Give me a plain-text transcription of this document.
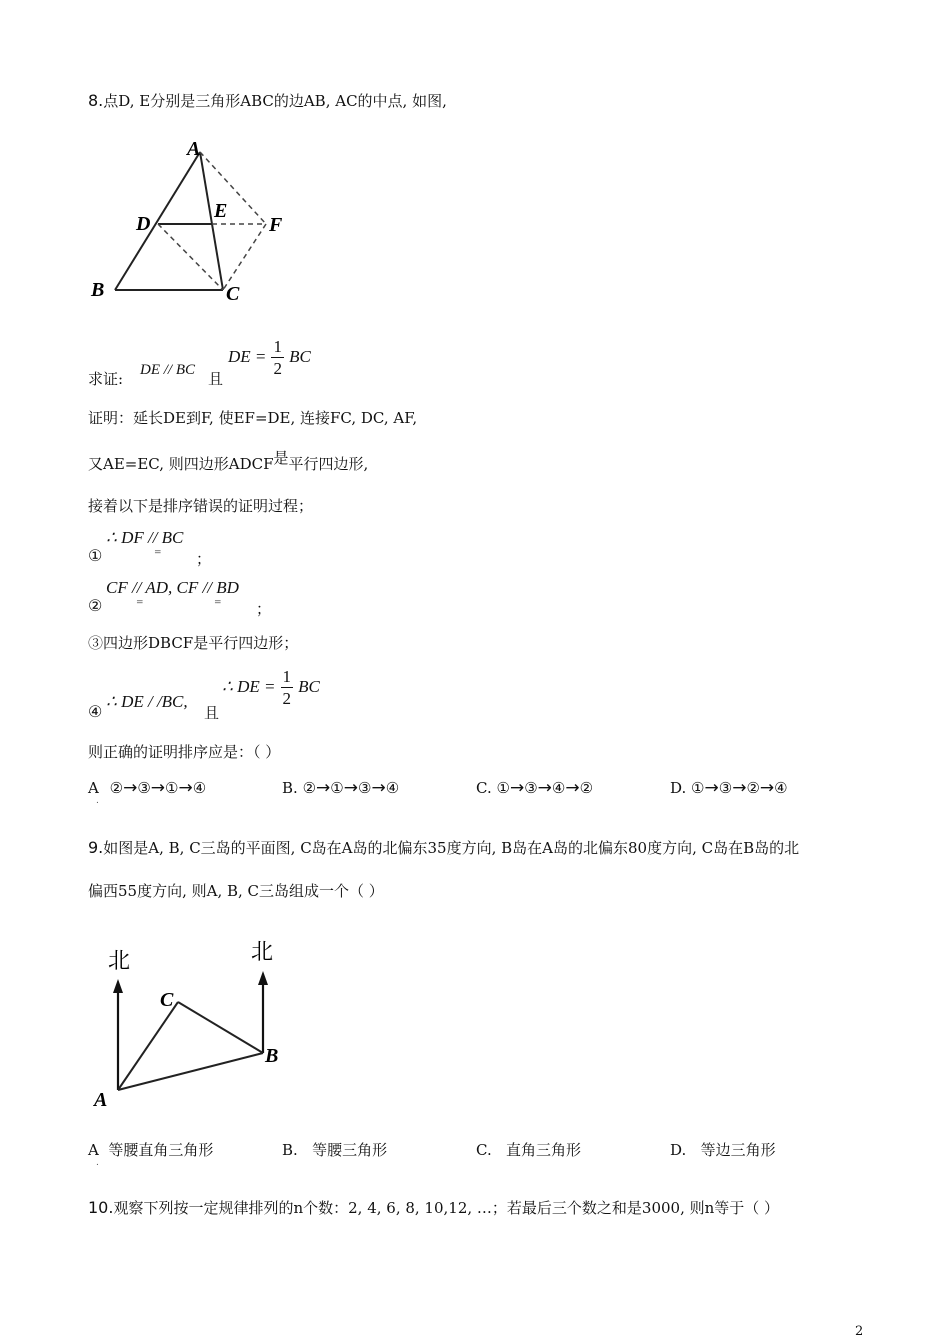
8.点D, E分别是三角形ABC的边AB, AC的中点, 如图,
A
D
E
F
B	C
求证: DE // BC 且
DE = $\frac{1}{2}$ BC
证明：延长DE到F, 使EF=DE, 连接FC, DC, AF,
又AE=EC, 则四边形ADCF是平行四边形,
接着以下是排序错误的证明过程；
①
∴ DF // BC
= ；
②
CF // AD, CF // BD
=	= ；
③四边形DBCF是平行四边形；
④
∴ DE / /BC,
且
∴ DE = $\frac{1}{2}$ BC
则正确的证明排序应是：（ ）
A ②→③→①→④
.
B. ②→①→③→④	C. ①→③→④→②	D. ①→③→②→④
9.如图是A, B, C三岛的平面图, C岛在A岛的北偏东35度方向, B岛在A岛的北偏东80度方向, C岛在B岛的北
偏西55度方向, 则A, B, C三岛组成一个（ ）
北	北
C
B
A
A 等腰直角三角形
.
B. 等腰三角形	C. 直角三角形	D. 等边三角形
10.观察下列按一定规律排列的n个数：2, 4, 6, 8, 10,12, …；若最后三个数之和是3000, 则n等于（ ）
2
